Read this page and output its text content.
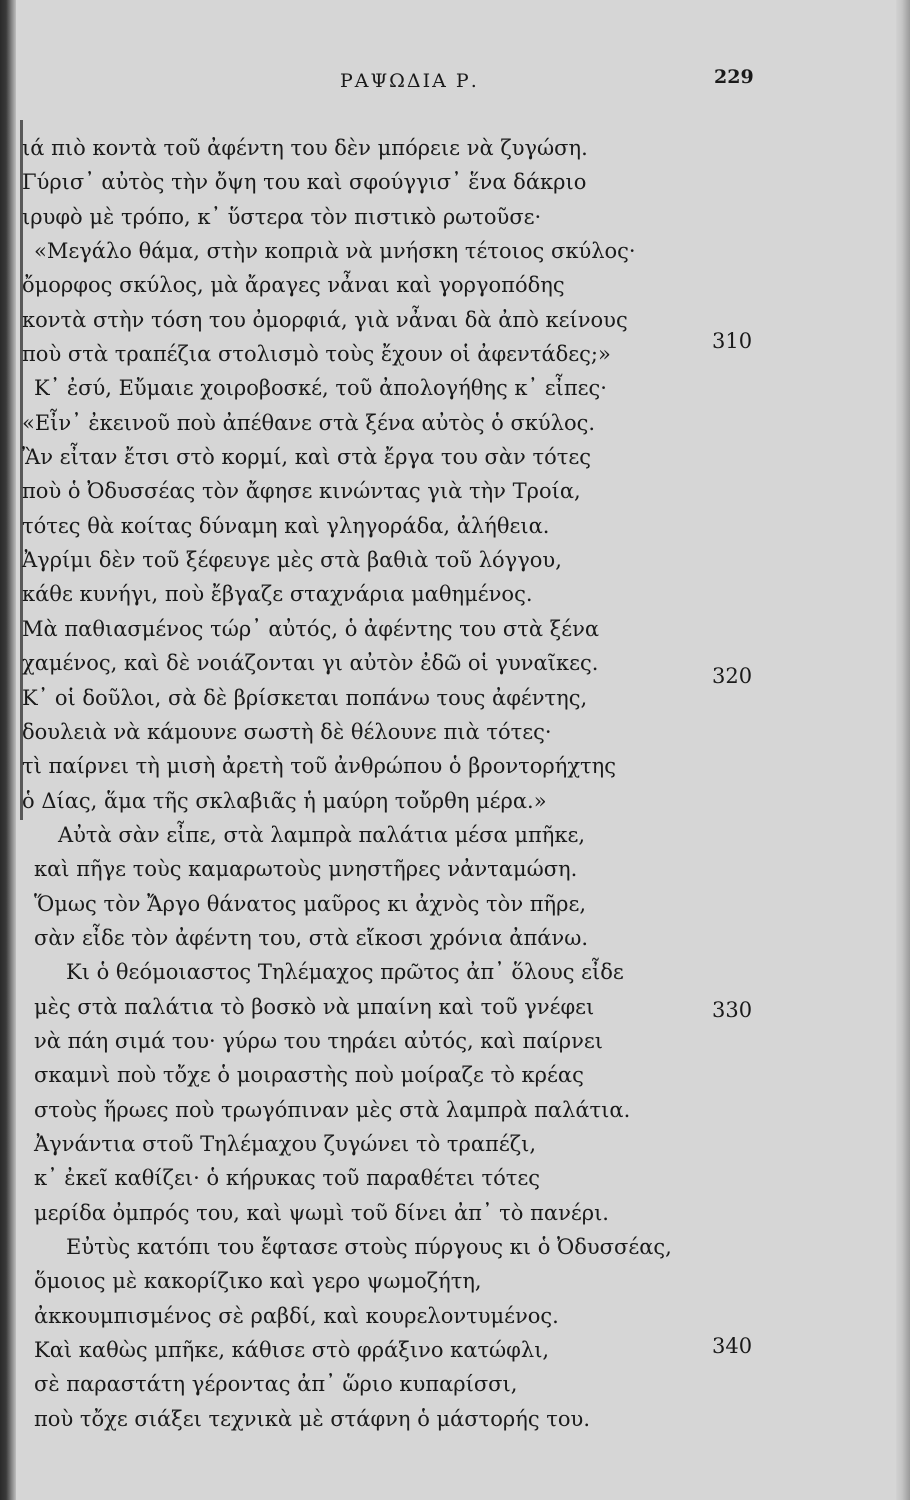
ΡΑΨΩΔΙΑ Ρ.	229
ιά πιὸ κοντὰ τοῦ ἀφέντη του δὲν μπόρειε νὰ ζυγώση.
Γύρισ᾽ αὐτὸς τὴν ὄψη του καὶ σφούγγισ᾽ ἕνα δάκριο
ιρυφὸ μὲ τρόπο, κ᾽ ὕστερα τὸν πιστικὸ ρωτοῦσε·
«Μεγάλο θάμα, στὴν κοπριὰ νὰ μνήσκη τέτοιος σκύλος·
ὄμορφος σκύλος, μὰ ἄραγες νἆναι καὶ γοργοπόδης
κοντὰ στὴν τόση του ὀμορφιά, γιὰ νἆναι δὰ ἀπὸ κείνους
ποὺ στὰ τραπέζια στολισμὸ τοὺς ἔχουν οἱ ἀφεντάδες;»
Κ᾽ ἐσύ, Εὔμαιε χοιροβοσκέ, τοῦ ἀπολογήθης κ᾽ εἶπες·
«Εἶν᾽ ἐκεινοῦ ποὺ ἀπέθανε στὰ ξένα αὐτὸς ὁ σκύλος.
Ἂν εἶταν ἔτσι στὸ κορμί, καὶ στὰ ἔργα του σὰν τότες
ποὺ ὁ Ὀδυσσέας τὸν ἄφησε κινώντας γιὰ τὴν Τροία,
τότες θὰ κοίτας δύναμη καὶ γληγοράδα, ἀλήθεια.
Ἀγρίμι δὲν τοῦ ξέφευγε μὲς στὰ βαθιὰ τοῦ λόγγου,
κάθε κυνήγι, ποὺ ἔβγαζε σταχνάρια μαθημένος.
Μὰ παθιασμένος τώρ᾽ αὐτός, ὁ ἀφέντης του στὰ ξένα
χαμένος, καὶ δὲ νοιάζονται γι αὐτὸν ἐδῶ οἱ γυναῖκες.
Κ᾽ οἱ δοῦλοι, σὰ δὲ βρίσκεται ποπάνω τους ἀφέντης,
δουλειὰ νὰ κάμουνε σωστὴ δὲ θέλουνε πιὰ τότες·
τὶ παίρνει τὴ μισὴ ἀρετὴ τοῦ ἀνθρώπου ὁ βροντορήχτης
ὁ Δίας, ἅμα τῆς σκλαβιᾶς ἡ μαύρη τοὔρθη μέρα.»
Αὐτὰ σὰν εἶπε, στὰ λαμπρὰ παλάτια μέσα μπῆκε,
καὶ πῆγε τοὺς καμαρωτοὺς μνηστῆρες νἀνταμώση.
Ὅμως τὸν Ἄργο θάνατος μαῦρος κι ἀχνὸς τὸν πῆρε,
σὰν εἶδε τὸν ἀφέντη του, στὰ εἴκοσι χρόνια ἀπάνω.
Κι ὁ θεόμοιαστος Τηλέμαχος πρῶτος ἀπ᾽ ὅλους εἶδε
μὲς στὰ παλάτια τὸ βοσκὸ νὰ μπαίνη καὶ τοῦ γνέφει
νὰ πάη σιμά του· γύρω του τηράει αὐτός, καὶ παίρνει
σκαμνὶ ποὺ τὄχε ὁ μοιραστὴς ποὺ μοίραζε τὸ κρέας
στοὺς ἥρωες ποὺ τρωγόπιναν μὲς στὰ λαμπρὰ παλάτια.
Ἀγνάντια στοῦ Τηλέμαχου ζυγώνει τὸ τραπέζι,
κ᾽ ἐκεῖ καθίζει· ὁ κήρυκας τοῦ παραθέτει τότες
μερίδα ὀμπρός του, καὶ ψωμὶ τοῦ δίνει ἀπ᾽ τὸ πανέρι.
Εὐτὺς κατόπι του ἔφτασε στοὺς πύργους κι ὁ Ὀδυσσέας,
ὅμοιος μὲ κακορίζικο καὶ γερο ψωμοζήτη,
ἀκκουμπισμένος σὲ ραβδί, καὶ κουρελοντυμένος.
Καὶ καθὼς μπῆκε, κάθισε στὸ φράξινο κατώφλι,
σὲ παραστάτη γέροντας ἀπ᾽ ὥριο κυπαρίσσι,
ποὺ τὄχε σιάξει τεχνικὰ μὲ στάφνη ὁ μάστορής του.
310
320
330
340
